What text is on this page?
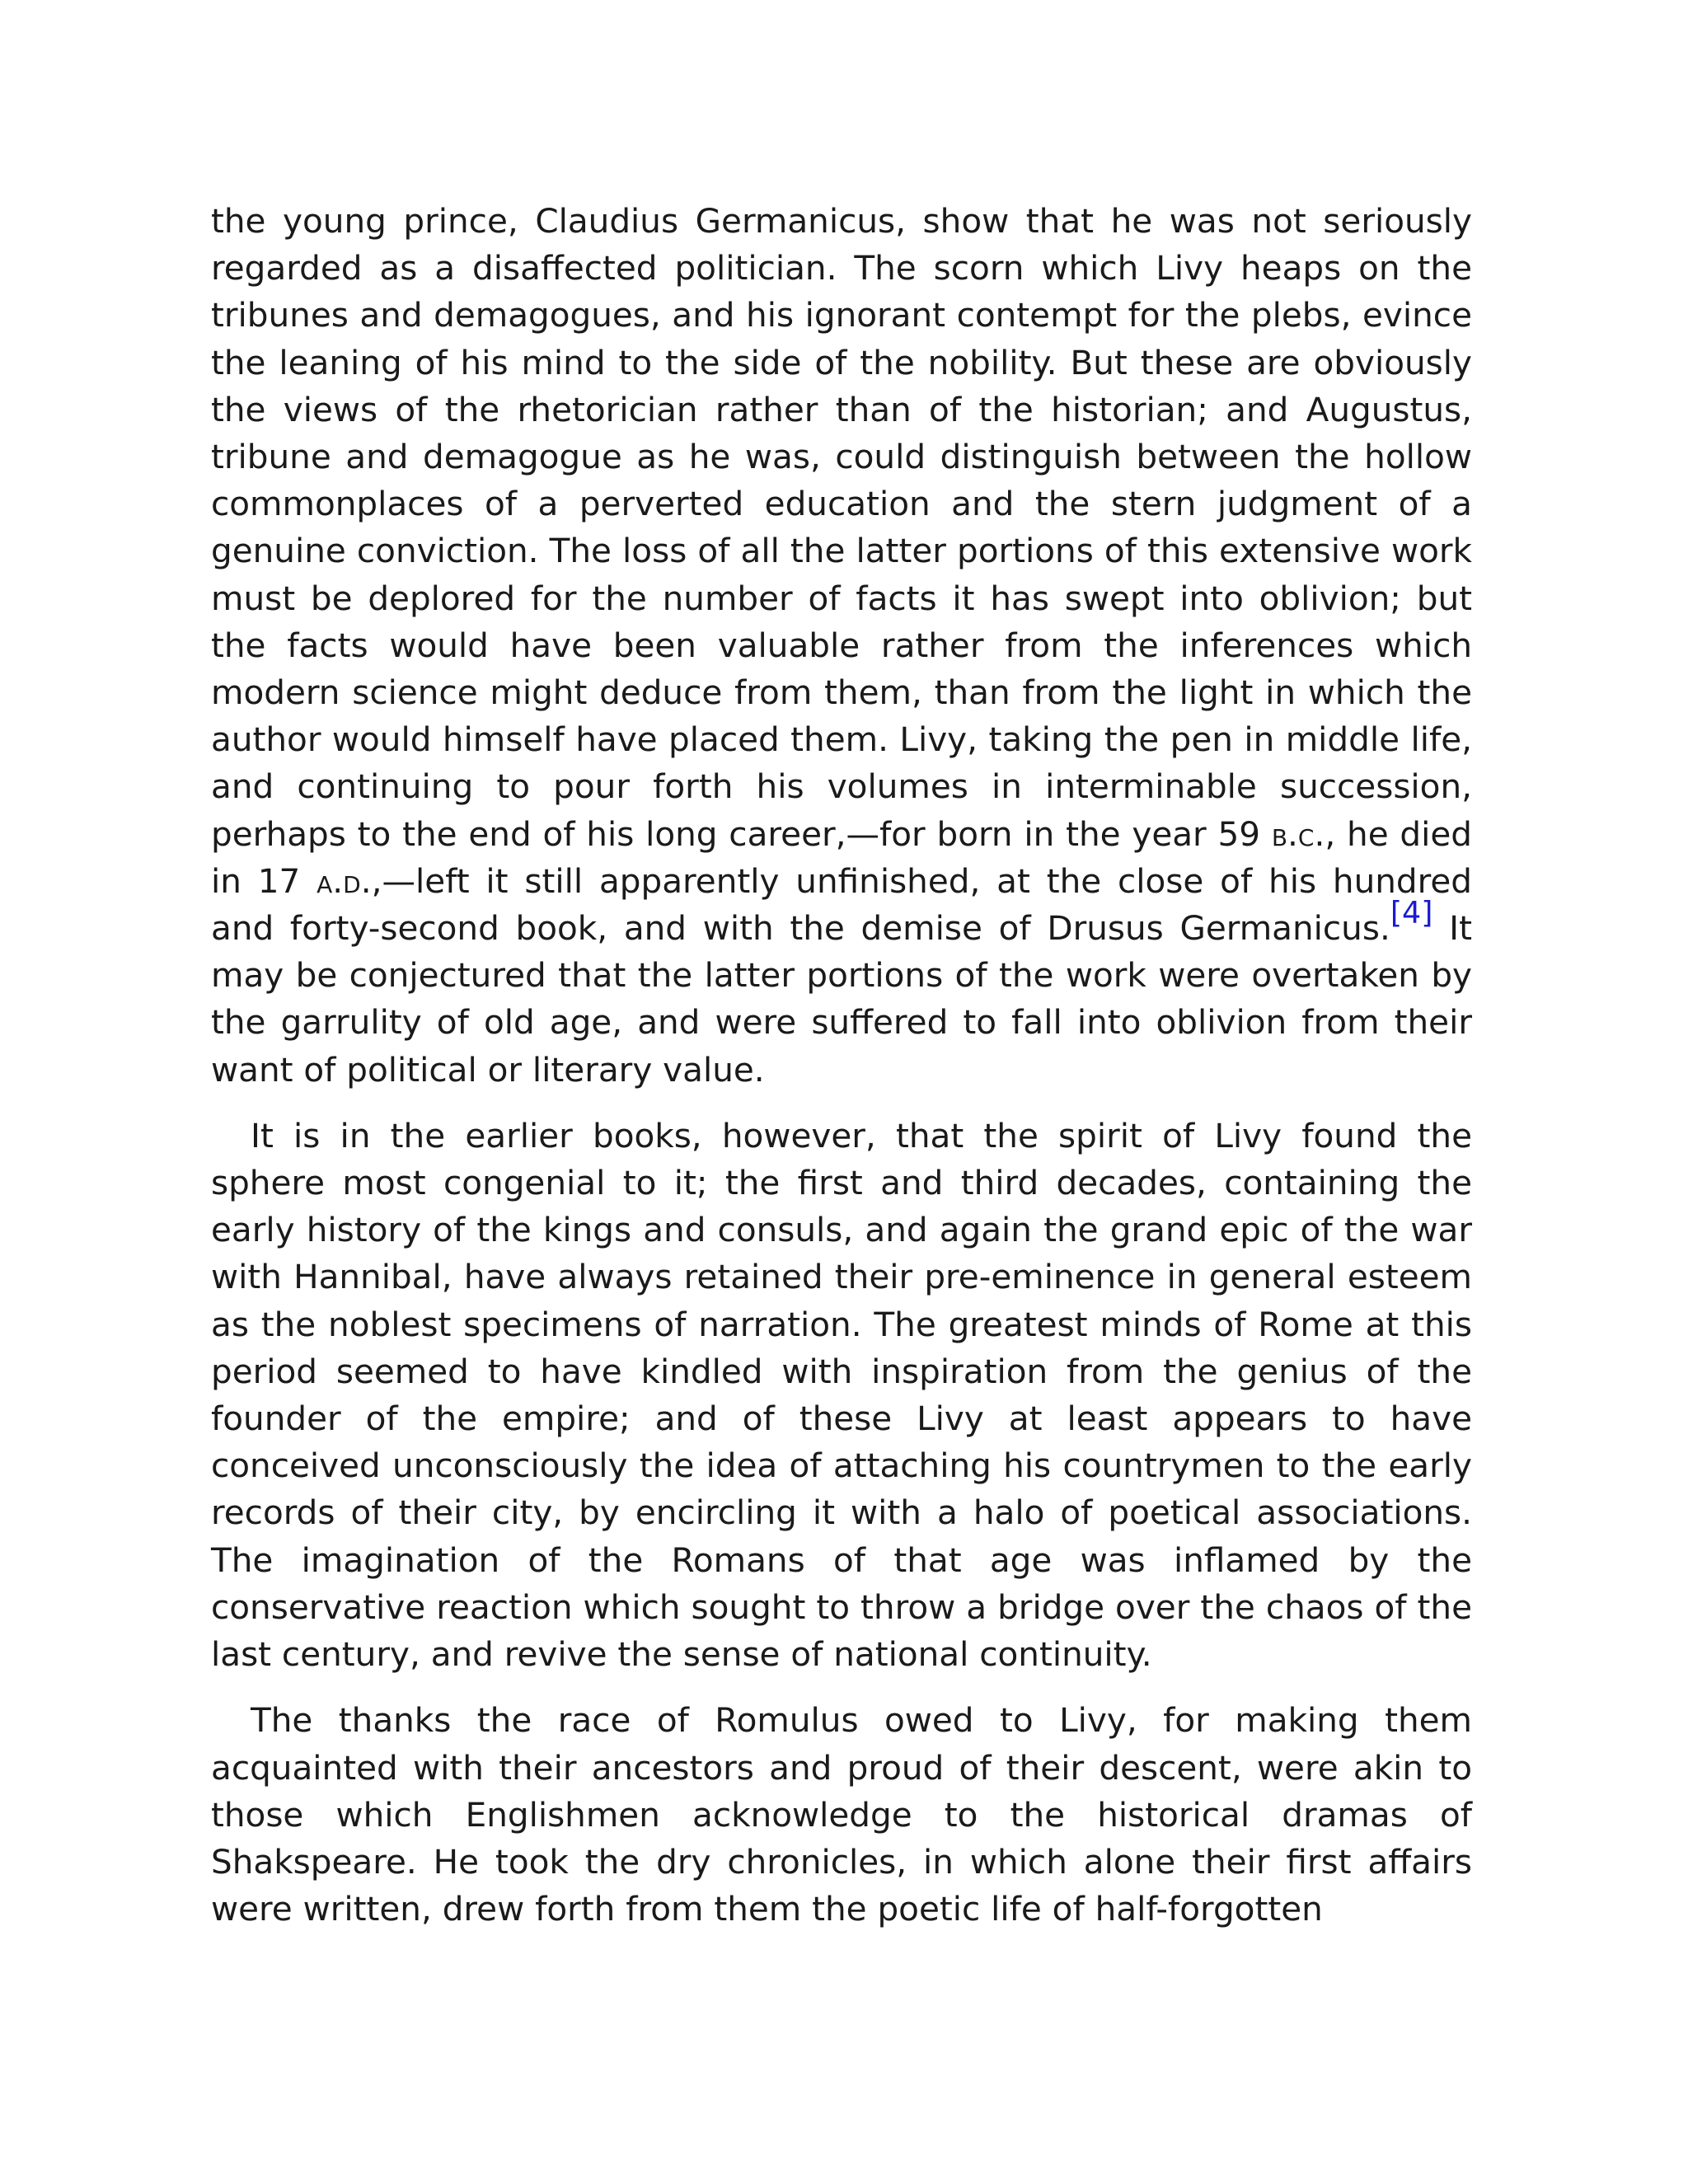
the young prince, Claudius Germanicus, show that he was not seriously regarded as a disaffected politician. The scorn which Livy heaps on the tribunes and demagogues, and his ignorant contempt for the plebs, evince the leaning of his mind to the side of the nobility. But these are obviously the views of the rhetorician rather than of the historian; and Augustus, tribune and demagogue as he was, could distinguish between the hollow commonplaces of a perverted education and the stern judgment of a genuine conviction. The loss of all the latter portions of this extensive work must be deplored for the number of facts it has swept into oblivion; but the facts would have been valuable rather from the inferences which modern science might deduce from them, than from the light in which the author would himself have placed them. Livy, taking the pen in middle life, and continuing to pour forth his volumes in interminable succession, perhaps to the end of his long career,—for born in the year 59 b.c., he died in 17 a.d.,—left it still apparently unfinished, at the close of his hundred and forty-second book, and with the demise of Drusus Germanicus.[4] It may be conjectured that the latter portions of the work were overtaken by the garrulity of old age, and were suffered to fall into oblivion from their want of political or literary value.

It is in the earlier books, however, that the spirit of Livy found the sphere most congenial to it; the first and third decades, containing the early history of the kings and consuls, and again the grand epic of the war with Hannibal, have always retained their pre-eminence in general esteem as the noblest specimens of narration. The greatest minds of Rome at this period seemed to have kindled with inspiration from the genius of the founder of the empire; and of these Livy at least appears to have conceived unconsciously the idea of attaching his countrymen to the early records of their city, by encircling it with a halo of poetical associations. The imagination of the Romans of that age was inflamed by the conservative reaction which sought to throw a bridge over the chaos of the last century, and revive the sense of national continuity.

The thanks the race of Romulus owed to Livy, for making them acquainted with their ancestors and proud of their descent, were akin to those which Englishmen acknowledge to the historical dramas of Shakspeare. He took the dry chronicles, in which alone their first affairs were written, drew forth from them the poetic life of half-forgotten
